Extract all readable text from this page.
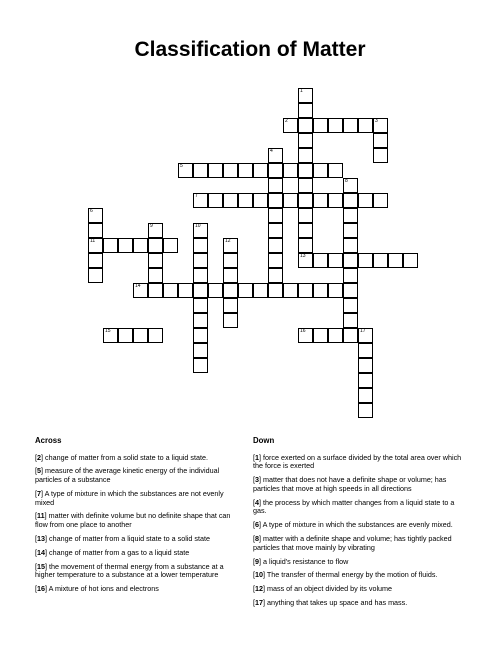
Classification of Matter
1
2	3
4
5
6
11
7
8
9	10
12
13
14
15	16	17
Across

[2] change of matter from a solid state to a liquid state.

[5] measure of the average kinetic energy of the individual particles of a substance

[7] A type of mixture in which the substances are not evenly mixed

[11] matter with definite volume but no definite shape that can flow from one place to another

[13] change of matter from a liquid state to a solid state

[14] change of matter from a gas to a liquid state

[15] the movement of thermal energy from a substance at a higher temperature to a substance at a lower temperature

[16] A mixture of hot ions and electrons

Down

[1] force exerted on a surface divided by the total area over which the force is exerted

[3] matter that does not have a definite shape or volume; has particles that move at high speeds in all directions

[4] the process by which matter changes from a liquid state to a gas.

[6] A type of mixture in which the substances are evenly mixed.

[8] matter with a definite shape and volume; has tightly packed particles that move mainly by vibrating

[9] a liquid's resistance to flow

[10] The transfer of thermal energy by the motion of fluids.

[12] mass of an object divided by its volume

[17] anything that takes up space and has mass.
